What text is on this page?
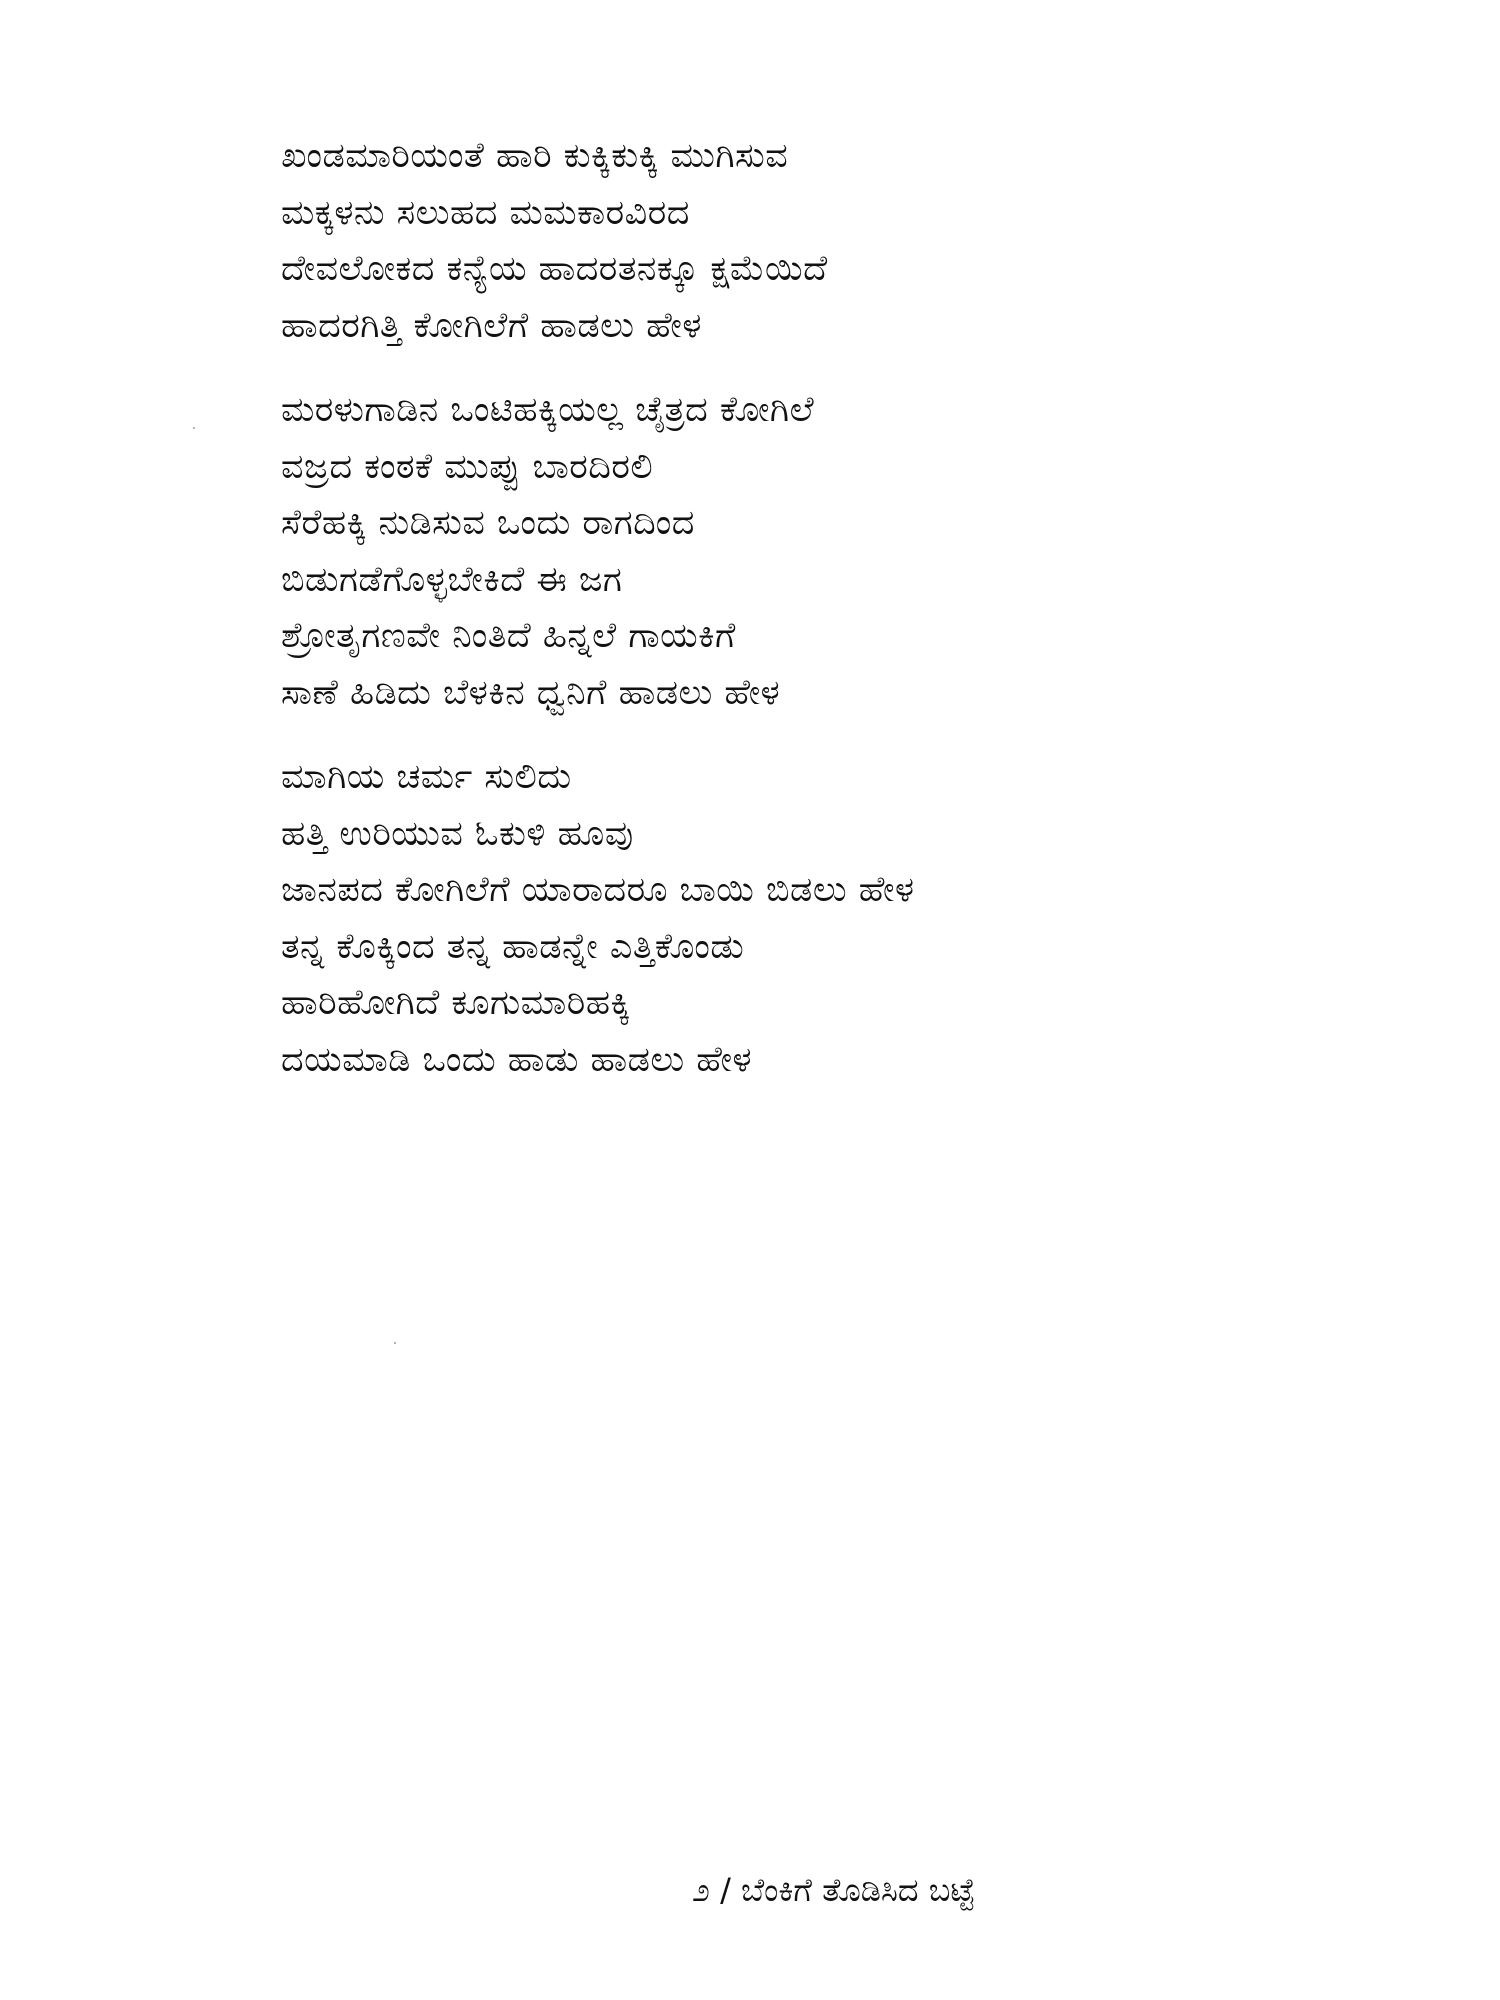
ಖಂಡಮಾರಿಯಂತೆ ಹಾರಿ ಕುಕ್ಕಿಕುಕ್ಕಿ ಮುಗಿಸುವ
ಮಕ್ಕಳನು ಸಲುಹದ ಮಮಕಾರವಿರದ
ದೇವಲೋಕದ ಕನ್ಯೆಯ ಹಾದರತನಕ್ಕೂ ಕ್ಷಮೆಯಿದೆ
ಹಾದರಗಿತ್ತಿ ಕೋಗಿಲೆಗೆ ಹಾಡಲು ಹೇಳ
ಮರಳುಗಾಡಿನ ಒಂಟಿಹಕ್ಕಿಯಲ್ಲ ಚೈತ್ರದ ಕೋಗಿಲೆ
ವಜ್ರದ ಕಂಠಕೆ ಮುಪ್ಪು ಬಾರದಿರಲಿ
ಸೆರೆಹಕ್ಕಿ ನುಡಿಸುವ ಒಂದು ರಾಗದಿಂದ
ಬಿಡುಗಡೆಗೊಳ್ಳಬೇಕಿದೆ ಈ ಜಗ
ಶ್ರೋತೃಗಣವೇ ನಿಂತಿದೆ ಹಿನ್ನಲೆ ಗಾಯಕಿಗೆ
ಸಾಣೆ ಹಿಡಿದು ಬೆಳಕಿನ ಧ್ವನಿಗೆ ಹಾಡಲು ಹೇಳ
ಮಾಗಿಯ ಚರ್ಮ ಸುಲಿದು
ಹತ್ತಿ ಉರಿಯುವ ಓಕುಳಿ ಹೂವು
ಜಾನಪದ ಕೋಗಿಲೆಗೆ ಯಾರಾದರೂ ಬಾಯಿ ಬಿಡಲು ಹೇಳ
ತನ್ನ ಕೊಕ್ಕಿಂದ ತನ್ನ ಹಾಡನ್ನೇ ಎತ್ತಿಕೊಂಡು
ಹಾರಿಹೋಗಿದೆ ಕೂಗುಮಾರಿಹಕ್ಕಿ
ದಯಮಾಡಿ ಒಂದು ಹಾಡು ಹಾಡಲು ಹೇಳ
೨ / ಬೆಂಕಿಗೆ ತೊಡಿಸಿದ ಬಟ್ಟೆ
